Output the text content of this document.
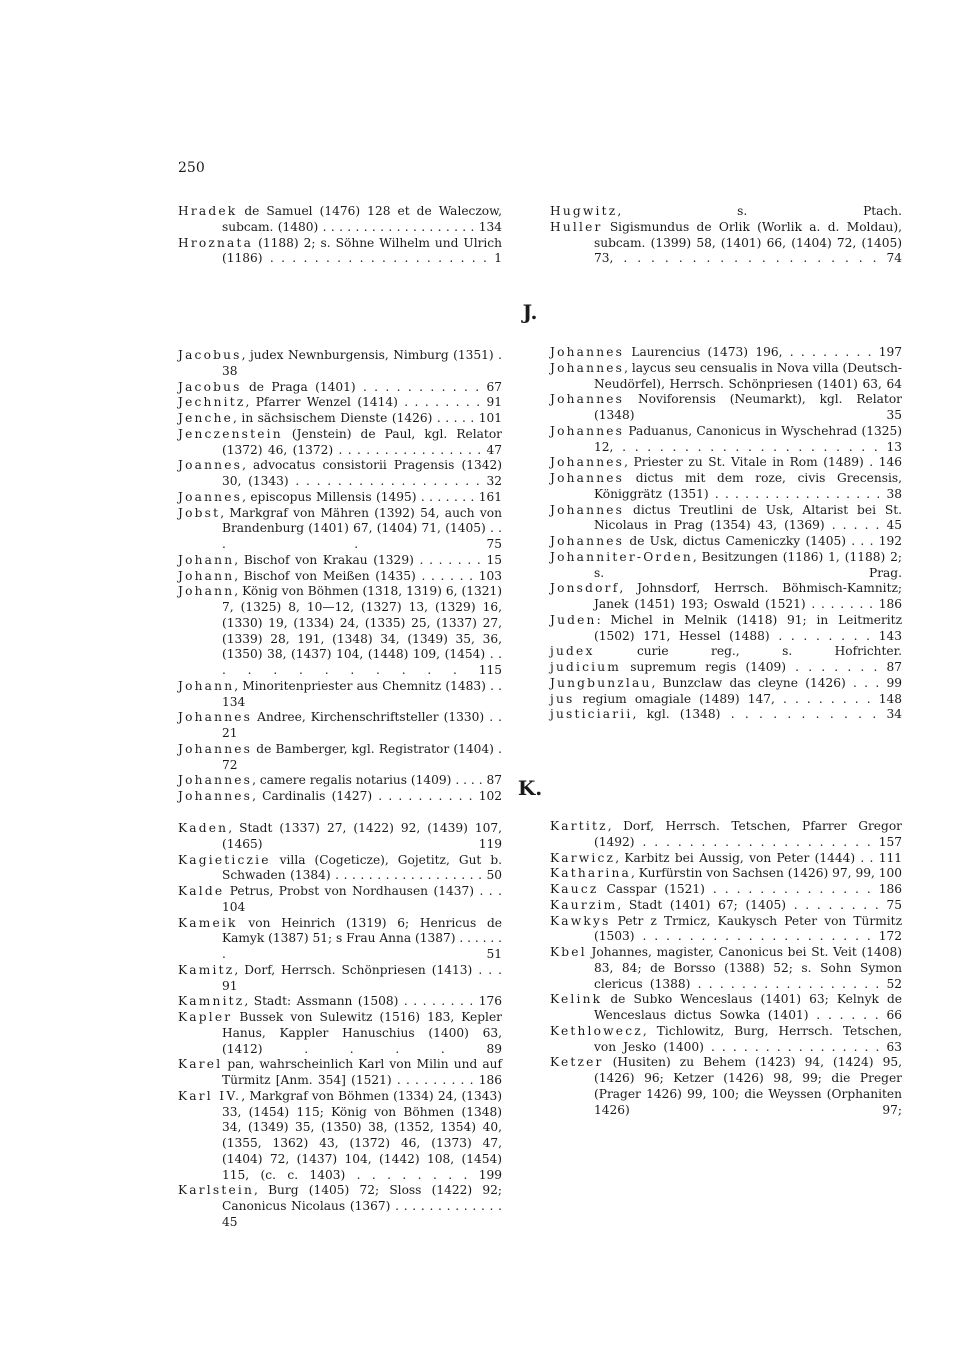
250
Hradek de Samuel (1476) 128 et de Waleczow, subcam. (1480) . . . . . . . . . . . . . . . . . . . 134
Hroznata (1188) 2; s. Söhne Wilhelm und Ulrich (1186) . . . . . . . . . . . . . . . . . . . . 1
Hugwitz, s. Ptach.
Huller Sigismundus de Orlik (Worlik a. d. Moldau), subcam. (1399) 58, (1401) 66, (1404) 72, (1405) 73, . . . . . . . . . . . . . . . . . . . 74
J.
Jacobus, judex Newnburgensis, Nimburg (1351) . 38
Jacobus de Praga (1401) . . . . . . . . . . . 67
Jechnitz, Pfarrer Wenzel (1414) . . . . . . . . 91
Jenche, in sächsischem Dienste (1426) . . . . . 101
Jenczenstein (Jenstein) de Paul, kgl. Relator (1372) 46, (1372) . . . . . . . . . . . . . . . . 47
Joannes, advocatus consistorii Pragensis (1342) 30, (1343) . . . . . . . . . . . . . . . . . . 32
Joannes, episcopus Millensis (1495) . . . . . . . 161
Jobst, Markgraf von Mähren (1392) 54, auch von Brandenburg (1401) 67, (1404) 71, (1405) . . . . 75
Johann, Bischof von Krakau (1329) . . . . . . . 15
Johann, Bischof von Meißen (1435) . . . . . . 103
Johann, König von Böhmen (1318, 1319) 6, (1321) 7, (1325) 8, 10—12, (1327) 13, (1329) 16, (1330) 19, (1334) 24, (1335) 25, (1337) 27, (1339) 28, 191, (1348) 34, (1349) 35, 36, (1350) 38, (1437) 104, (1448) 109, (1454) . . . . . . . . . . . . 115
Johann, Minoritenpriester aus Chemnitz (1483) . . 134
Johannes Andree, Kirchenschriftsteller (1330) . . 21
Johannes de Bamberger, kgl. Registrator (1404) . 72
Johannes, camere regalis notarius (1409) . . . . 87
Johannes, Cardinalis (1427) . . . . . . . . . . 102
Johannes Laurencius (1473) 196, . . . . . . . . 197
Johannes, laycus seu censualis in Nova villa (Deutsch-Neudörfel), Herrsch. Schönpriesen (1401) 63, 64
Johannes Noviforensis (Neumarkt), kgl. Relator (1348) 35
Johannes Paduanus, Canonicus in Wyschehrad (1325) 12, . . . . . . . . . . . . . . . . . . . . . 13
Johannes, Priester zu St. Vitale in Rom (1489) . 146
Johannes dictus mit dem roze, civis Grecensis, Königgrätz (1351) . . . . . . . . . . . . . . . . . 38
Johannes dictus Treutlini de Usk, Altarist bei St. Nicolaus in Prag (1354) 43, (1369) . . . . . 45
Johannes de Usk, dictus Cameniczky (1405) . . . 192
Johanniter-Orden, Besitzungen (1186) 1, (1188) 2; s. Prag.
Jonsdorf, Johnsdorf, Herrsch. Böhmisch-Kamnitz; Janek (1451) 193; Oswald (1521) . . . . . . . 186
Juden: Michel in Melnik (1418) 91; in Leitmeritz (1502) 171, Hessel (1488) . . . . . . . . 143
judex curie reg., s. Hofrichter.
judicium supremum regis (1409) . . . . . . . 87
Jungbunzlau, Bunzclaw das cleyne (1426) . . . 99
jus regium omagiale (1489) 147, . . . . . . . . 148
justiciarii, kgl. (1348) . . . . . . . . . . . 34
K.
Kaden, Stadt (1337) 27, (1422) 92, (1439) 107, (1465) 119
Kagieticzie villa (Cogeticze), Gojetitz, Gut b. Schwaden (1384) . . . . . . . . . . . . . . . . . . 50
Kalde Petrus, Probst von Nordhausen (1437) . . . 104
Kameik von Heinrich (1319) 6; Henricus de Kamyk (1387) 51; s Frau Anna (1387) . . . . . . . 51
Kamitz, Dorf, Herrsch. Schönpriesen (1413) . . . 91
Kamnitz, Stadt: Assmann (1508) . . . . . . . . 176
Kapler Bussek von Sulewitz (1516) 183, Kepler Hanus, Kappler Hanuschius (1400) 63, (1412) . . . . 89
Karel pan, wahrscheinlich Karl von Milin und auf Türmitz [Anm. 354] (1521) . . . . . . . . . 186
Karl IV., Markgraf von Böhmen (1334) 24, (1343) 33, (1454) 115; König von Böhmen (1348) 34, (1349) 35, (1350) 38, (1352, 1354) 40, (1355, 1362) 43, (1372) 46, (1373) 47, (1404) 72, (1437) 104, (1442) 108, (1454) 115, (c. c. 1403) . . . . . . . . 199
Karlstein, Burg (1405) 72; Sloss (1422) 92; Canonicus Nicolaus (1367) . . . . . . . . . . . . . 45
Kartitz, Dorf, Herrsch. Tetschen, Pfarrer Gregor (1492) . . . . . . . . . . . . . . . . . . . . 157
Karwicz, Karbitz bei Aussig, von Peter (1444) . . 111
Katharina, Kurfürstin von Sachsen (1426) 97, 99, 100
Kaucz Casspar (1521) . . . . . . . . . . . . . . 186
Kaurzim, Stadt (1401) 67; (1405) . . . . . . . . 75
Kawkys Petr z Trmicz, Kaukysch Peter von Türmitz (1503) . . . . . . . . . . . . . . . . . . . . 172
Kbel Johannes, magister, Canonicus bei St. Veit (1408) 83, 84; de Borsso (1388) 52; s. Sohn Symon clericus (1388) . . . . . . . . . . . . . . . . . 52
Kelink de Subko Wenceslaus (1401) 63; Kelnyk de Wenceslaus dictus Sowka (1401) . . . . . . 66
Kethlowecz, Tichlowitz, Burg, Herrsch. Tetschen, von Jesko (1400) . . . . . . . . . . . . . . . . 63
Ketzer (Husiten) zu Behem (1423) 94, (1424) 95, (1426) 96; Ketzer (1426) 98, 99; die Preger (Prager 1426) 99, 100; die Weyssen (Orphaniten 1426) 97;
